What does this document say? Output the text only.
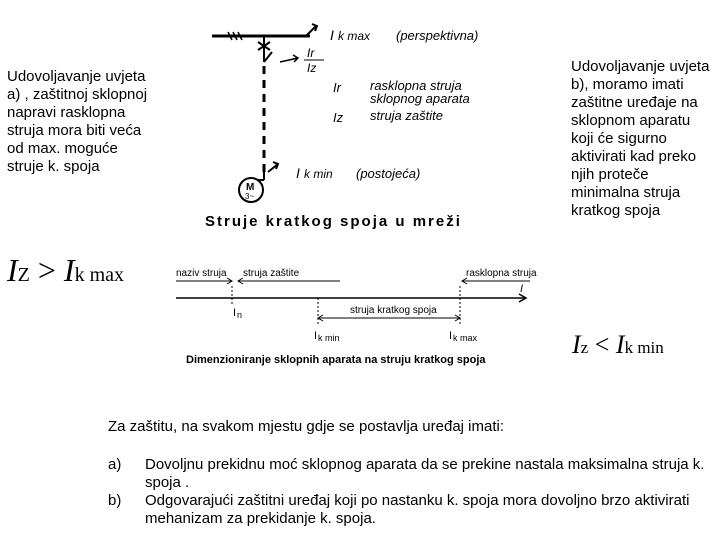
Udovoljavanje uvjeta a) , zaštitnoj sklopnoj napravi rasklopna struja mora biti veća od max. moguće struje k. spoja
IZ > Ik max
Udovoljavanje uvjeta b), moramo imati zaštitne uređaje na sklopnom aparatu koji će sigurno aktivirati kad preko njih proteče minimalna struja kratkog spoja
Iz < Ik min
I k max (perspektivna)
Ir
Iz
Ir rasklopna struja
sklopnog aparata
Iz struja zaštite
I k min (postojeća)
M
3~
Struje kratkog spoja u mreži
naziv struja struja zaštite	rasklopna struja
I
struja kratkog spoja
I n
I k min	I k max
Dimenzioniranje sklopnih aparata na struju kratkog spoja
Za zaštitu, na svakom mjestu gdje se postavlja uređaj imati:
a)	Dovoljnu prekidnu moć sklopnog aparata da se prekine nastala maksimalna struja k. spoja .
b)	Odgovarajući zaštitni uređaj koji po nastanku k. spoja mora dovoljno brzo aktivirati mehanizam za prekidanje k. spoja.
